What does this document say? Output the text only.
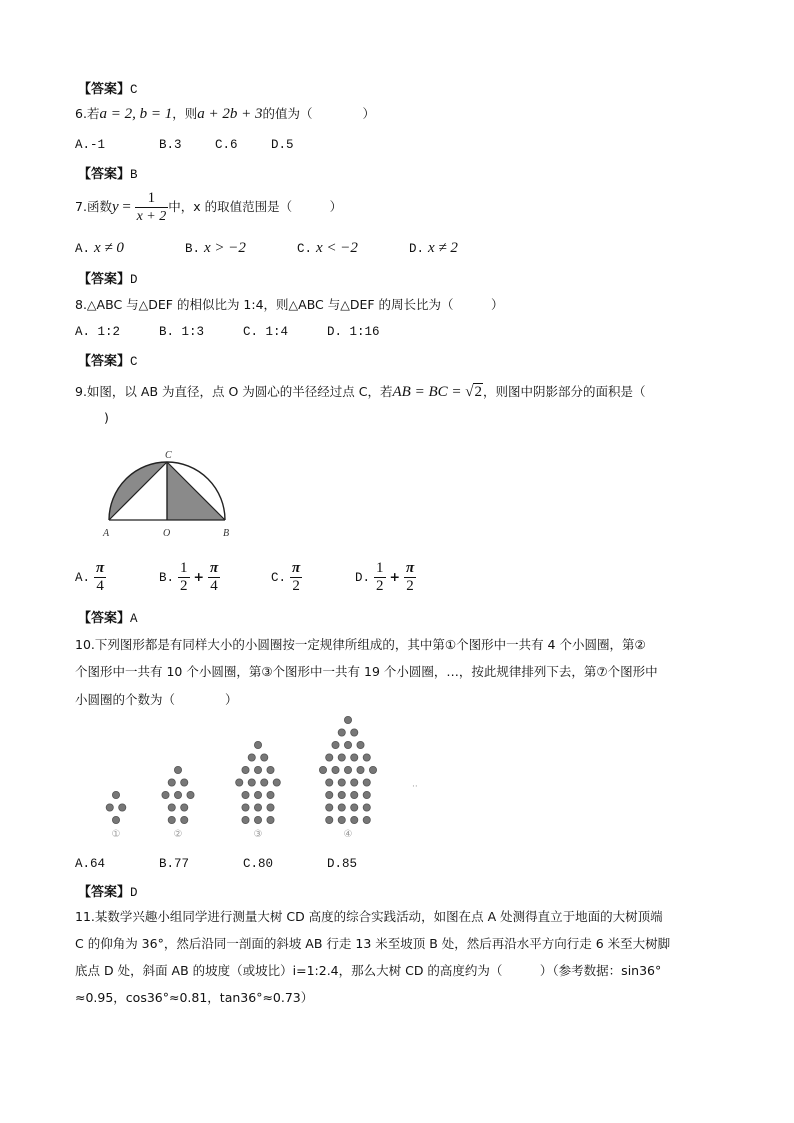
【答案】C
6.若a = 2, b = 1，则a + 2b + 3的值为（　　　　）
A.-1	B.3	C.6	D.5
【答案】B
7.函数$y = \frac{1}{x + 2}$ 中，x 的取值范围是（　　　）
A. x ≠ 0	B. x > −2	C. x < −2	D. x ≠ 2
【答案】D
8.△ABC 与△DEF 的相似比为 1:4，则△ABC 与△DEF 的周长比为（　　　）
A. 1:2	B. 1:3	C. 1:4	D. 1:16
【答案】C
9.如图，以 AB 为直径，点 O 为圆心的半径经过点 C，若AB = BC = √2，则图中阴影部分的面积是（
)
A	O	B
C
A. $\frac{\pi}{4}$	B. $\frac{1}{2} + \frac{\pi}{4}$	C. $\frac{\pi}{2}$	D. $\frac{1}{2} + \frac{\pi}{2}$
【答案】A
10.下列图形都是有同样大小的小圆圈按一定规律所组成的，其中第①个图形中一共有 4 个小圆圈，第②
个图形中一共有 10 个小圆圈，第③个图形中一共有 19 个小圆圈，…，按此规律排列下去，第⑦个图形中
小圆圈的个数为（　　　　）
①	②	③	④
··
A.64	B.77	C.80	D.85
【答案】D
11.某数学兴趣小组同学进行测量大树 CD 高度的综合实践活动，如图在点 A 处测得直立于地面的大树顶端
C 的仰角为 36°，然后沿同一剖面的斜坡 AB 行走 13 米至坡顶 B 处，然后再沿水平方向行走 6 米至大树脚
底点 D 处，斜面 AB 的坡度（或坡比）i=1:2.4，那么大树 CD 的高度约为（　　　）（参考数据：sin36°
≈0.95，cos36°≈0.81，tan36°≈0.73）
